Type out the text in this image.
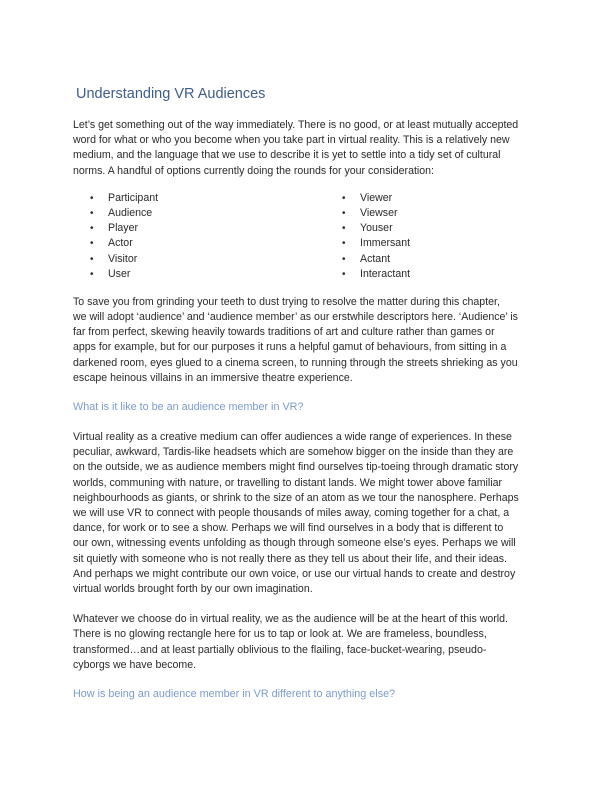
Understanding VR Audiences

Let’s get something out of the way immediately. There is no good, or at least mutually accepted
word for what or who you become when you take part in virtual reality. This is a relatively new
medium, and the language that we use to describe it is yet to settle into a tidy set of cultural
norms. A handful of options currently doing the rounds for your consideration:

• Participant
• Audience
• Player
• Actor
• Visitor
• User
• Viewer
• Viewser
• Youser
• Immersant
• Actant
• Interactant

To save you from grinding your teeth to dust trying to resolve the matter during this chapter,
we will adopt ‘audience’ and ‘audience member’ as our erstwhile descriptors here. ‘Audience’ is
far from perfect, skewing heavily towards traditions of art and culture rather than games or
apps for example, but for our purposes it runs a helpful gamut of behaviours, from sitting in a
darkened room, eyes glued to a cinema screen, to running through the streets shrieking as you
escape heinous villains in an immersive theatre experience.

What is it like to be an audience member in VR?

Virtual reality as a creative medium can offer audiences a wide range of experiences. In these
peculiar, awkward, Tardis-like headsets which are somehow bigger on the inside than they are
on the outside, we as audience members might find ourselves tip-toeing through dramatic story
worlds, communing with nature, or travelling to distant lands. We might tower above familiar
neighbourhoods as giants, or shrink to the size of an atom as we tour the nanosphere. Perhaps
we will use VR to connect with people thousands of miles away, coming together for a chat, a
dance, for work or to see a show. Perhaps we will find ourselves in a body that is different to
our own, witnessing events unfolding as though through someone else’s eyes. Perhaps we will
sit quietly with someone who is not really there as they tell us about their life, and their ideas.
And perhaps we might contribute our own voice, or use our virtual hands to create and destroy
virtual worlds brought forth by our own imagination.

Whatever we choose do in virtual reality, we as the audience will be at the heart of this world.
There is no glowing rectangle here for us to tap or look at. We are frameless, boundless,
transformed…and at least partially oblivious to the flailing, face-bucket-wearing, pseudo-
cyborgs we have become.

How is being an audience member in VR different to anything else?
